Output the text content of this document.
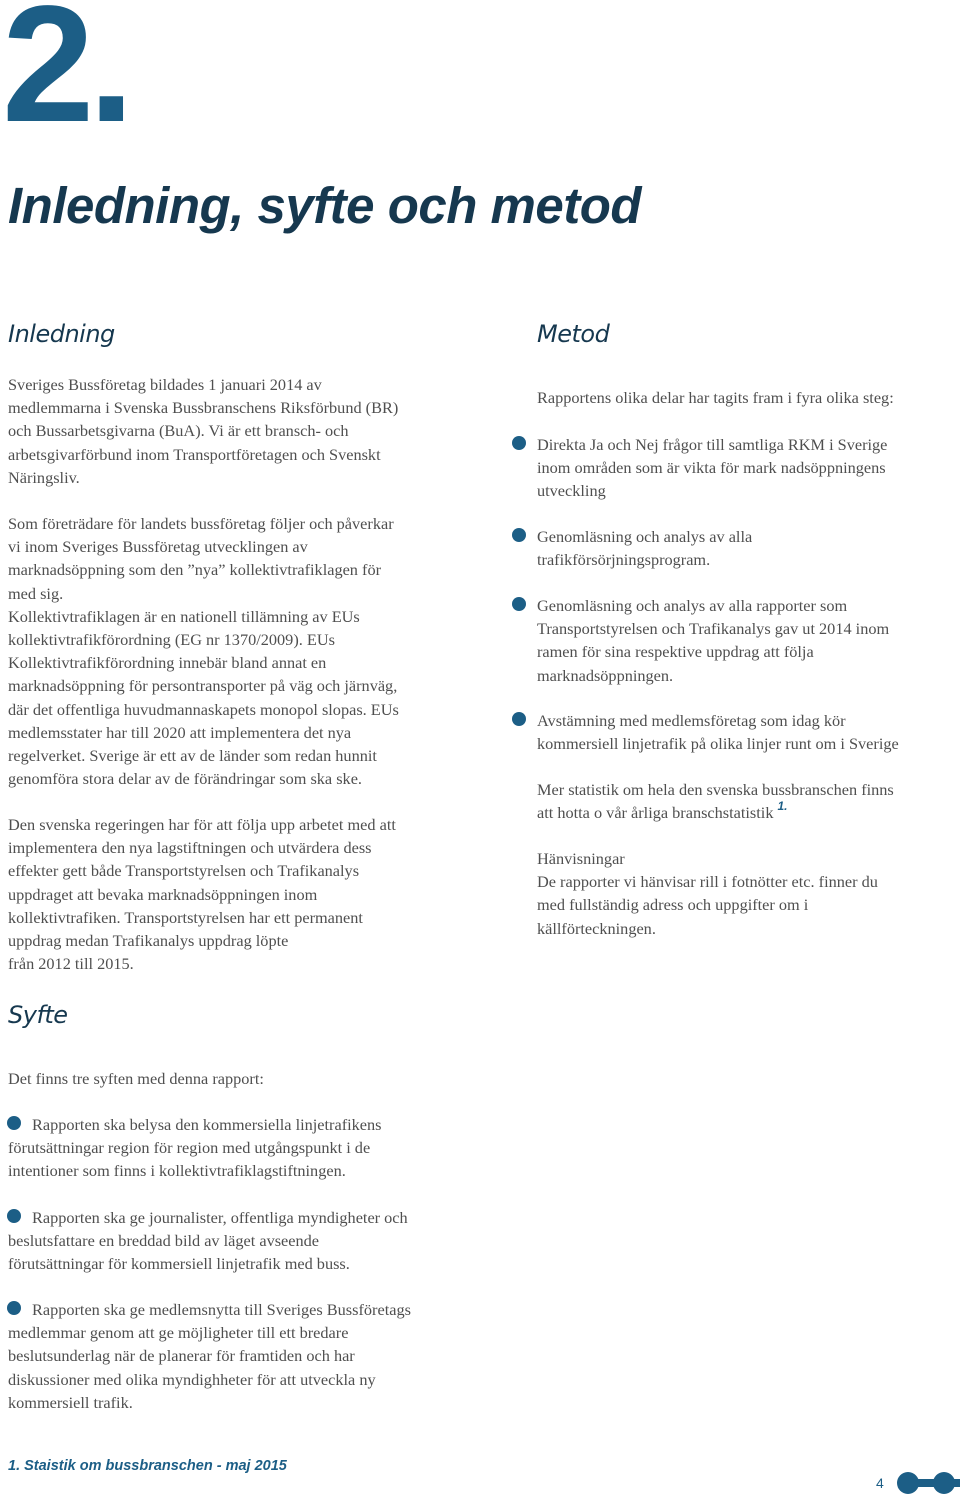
2.
Inledning, syfte och metod
Inledning

Sveriges Bussföretag bildades 1 januari 2014 av

medlemmarna i Svenska Bussbranschens Riksförbund (BR)

och Bussarbetsgivarna (BuA). Vi är ett bransch- och

arbetsgivarförbund inom Transportföretagen och Svenskt

Näringsliv.

Som företrädare för landets bussföretag följer och påverkar

vi inom Sveriges Bussföretag utvecklingen av

marknadsöppning som den ”nya” kollektivtrafiklagen för

med sig.

Kollektivtrafiklagen är en nationell tillämning av EUs

kollektivtrafikförordning (EG nr 1370/2009). EUs

Kollektivtrafikförordning innebär bland annat en

marknadsöppning för persontransporter på väg och järnväg,

där det offentliga huvudmannaskapets monopol slopas. EUs

medlemsstater har till 2020 att implementera det nya

regelverket. Sverige är ett av de länder som redan hunnit

genomföra stora delar av de förändringar som ska ske.

Den svenska regeringen har för att följa upp arbetet med att

implementera den nya lagstiftningen och utvärdera dess

effekter gett både Transportstyrelsen och Trafikanalys

uppdraget att bevaka marknadsöppningen inom

kollektivtrafiken. Transportstyrelsen har ett permanent

uppdrag medan Trafikanalys uppdrag löpte

från 2012 till 2015.

Syfte
Det finns tre syften med denna rapport:

Rapporten ska belysa den kommersiella linjetrafikens

förutsättningar region för region med utgångspunkt i de

intentioner som finns i kollektivtrafiklagstiftningen.

Rapporten ska ge journalister, offentliga myndigheter och

beslutsfattare en breddad bild av läget avseende

förutsättningar för kommersiell linjetrafik med buss.

Rapporten ska ge medlemsnytta till Sveriges Bussföretags

medlemmar genom att ge möjligheter till ett bredare

beslutsunderlag när de planerar för framtiden och har

diskussioner med olika myndighheter för att utveckla ny

kommersiell trafik.

Metod
Rapportens olika delar har tagits fram i fyra olika steg:

Direkta Ja och Nej frågor till samtliga RKM i Sverige

inom områden som är vikta för mark nadsöppningens

utveckling

Genomläsning och analys av alla

trafikförsörjningsprogram.

Genomläsning och analys av alla rapporter som

Transportstyrelsen och Trafikanalys gav ut 2014 inom

ramen för sina respektive uppdrag att följa

marknadsöppningen.

Avstämning med medlemsföretag som idag kör

kommersiell linjetrafik på olika linjer runt om i Sverige

Mer statistik om hela den svenska bussbranschen finns

att hotta o vår årliga branschstatistik $^{1.}$

Hänvisningar

De rapporter vi hänvisar rill i fotnötter etc. finner du

med fullständig adress och uppgifter om i

källförteckningen.

1. Staistik om bussbranschen - maj 2015
4
